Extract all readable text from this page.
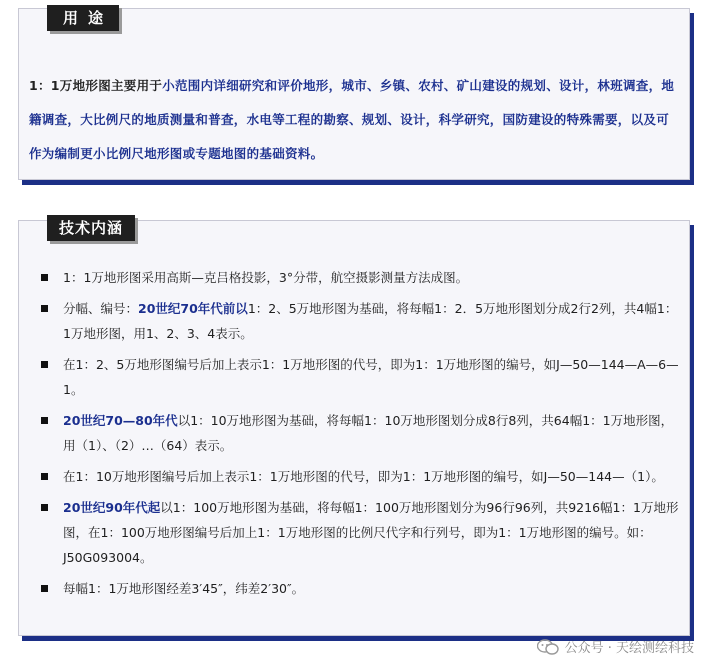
用途
1：1万地形图主要用于小范围内详细研究和评价地形，城市、乡镇、农村、矿山建设的规划、设计，林班调查，地籍调查，大比例尺的地质测量和普查，水电等工程的勘察、规划、设计，科学研究，国防建设的特殊需要，以及可作为编制更小比例尺地形图或专题地图的基础资料。
技术内涵
1：1万地形图采用高斯—克吕格投影，3°分带，航空摄影测量方法成图。
分幅、编号：20世纪70年代前以1：2、5万地形图为基础，将每幅1：2．5万地形图划分成2行2列，共4幅1：1万地形图，用1、2、3、4表示。
在1：2、5万地形图编号后加上表示1：1万地形图的代号，即为1：1万地形图的编号，如J—50—144—A—6—1。
20世纪70—80年代以1：10万地形图为基础，将每幅1：10万地形图划分成8行8列，共64幅1：1万地形图，用（1）、（2）…（64）表示。
在1：10万地形图编号后加上表示1：1万地形图的代号，即为1：1万地形图的编号，如J—50—144—（1）。
20世纪90年代起以1：100万地形图为基础，将每幅1：100万地形图划分为96行96列，共9216幅1：1万地形图，在1：100万地形图编号后加上1：1万地形图的比例尺代字和行列号，即为1：1万地形图的编号。如：J50G093004。
每幅1：1万地形图经差3′45″，纬差2′30″。
公众号 · 天绘测绘科技
